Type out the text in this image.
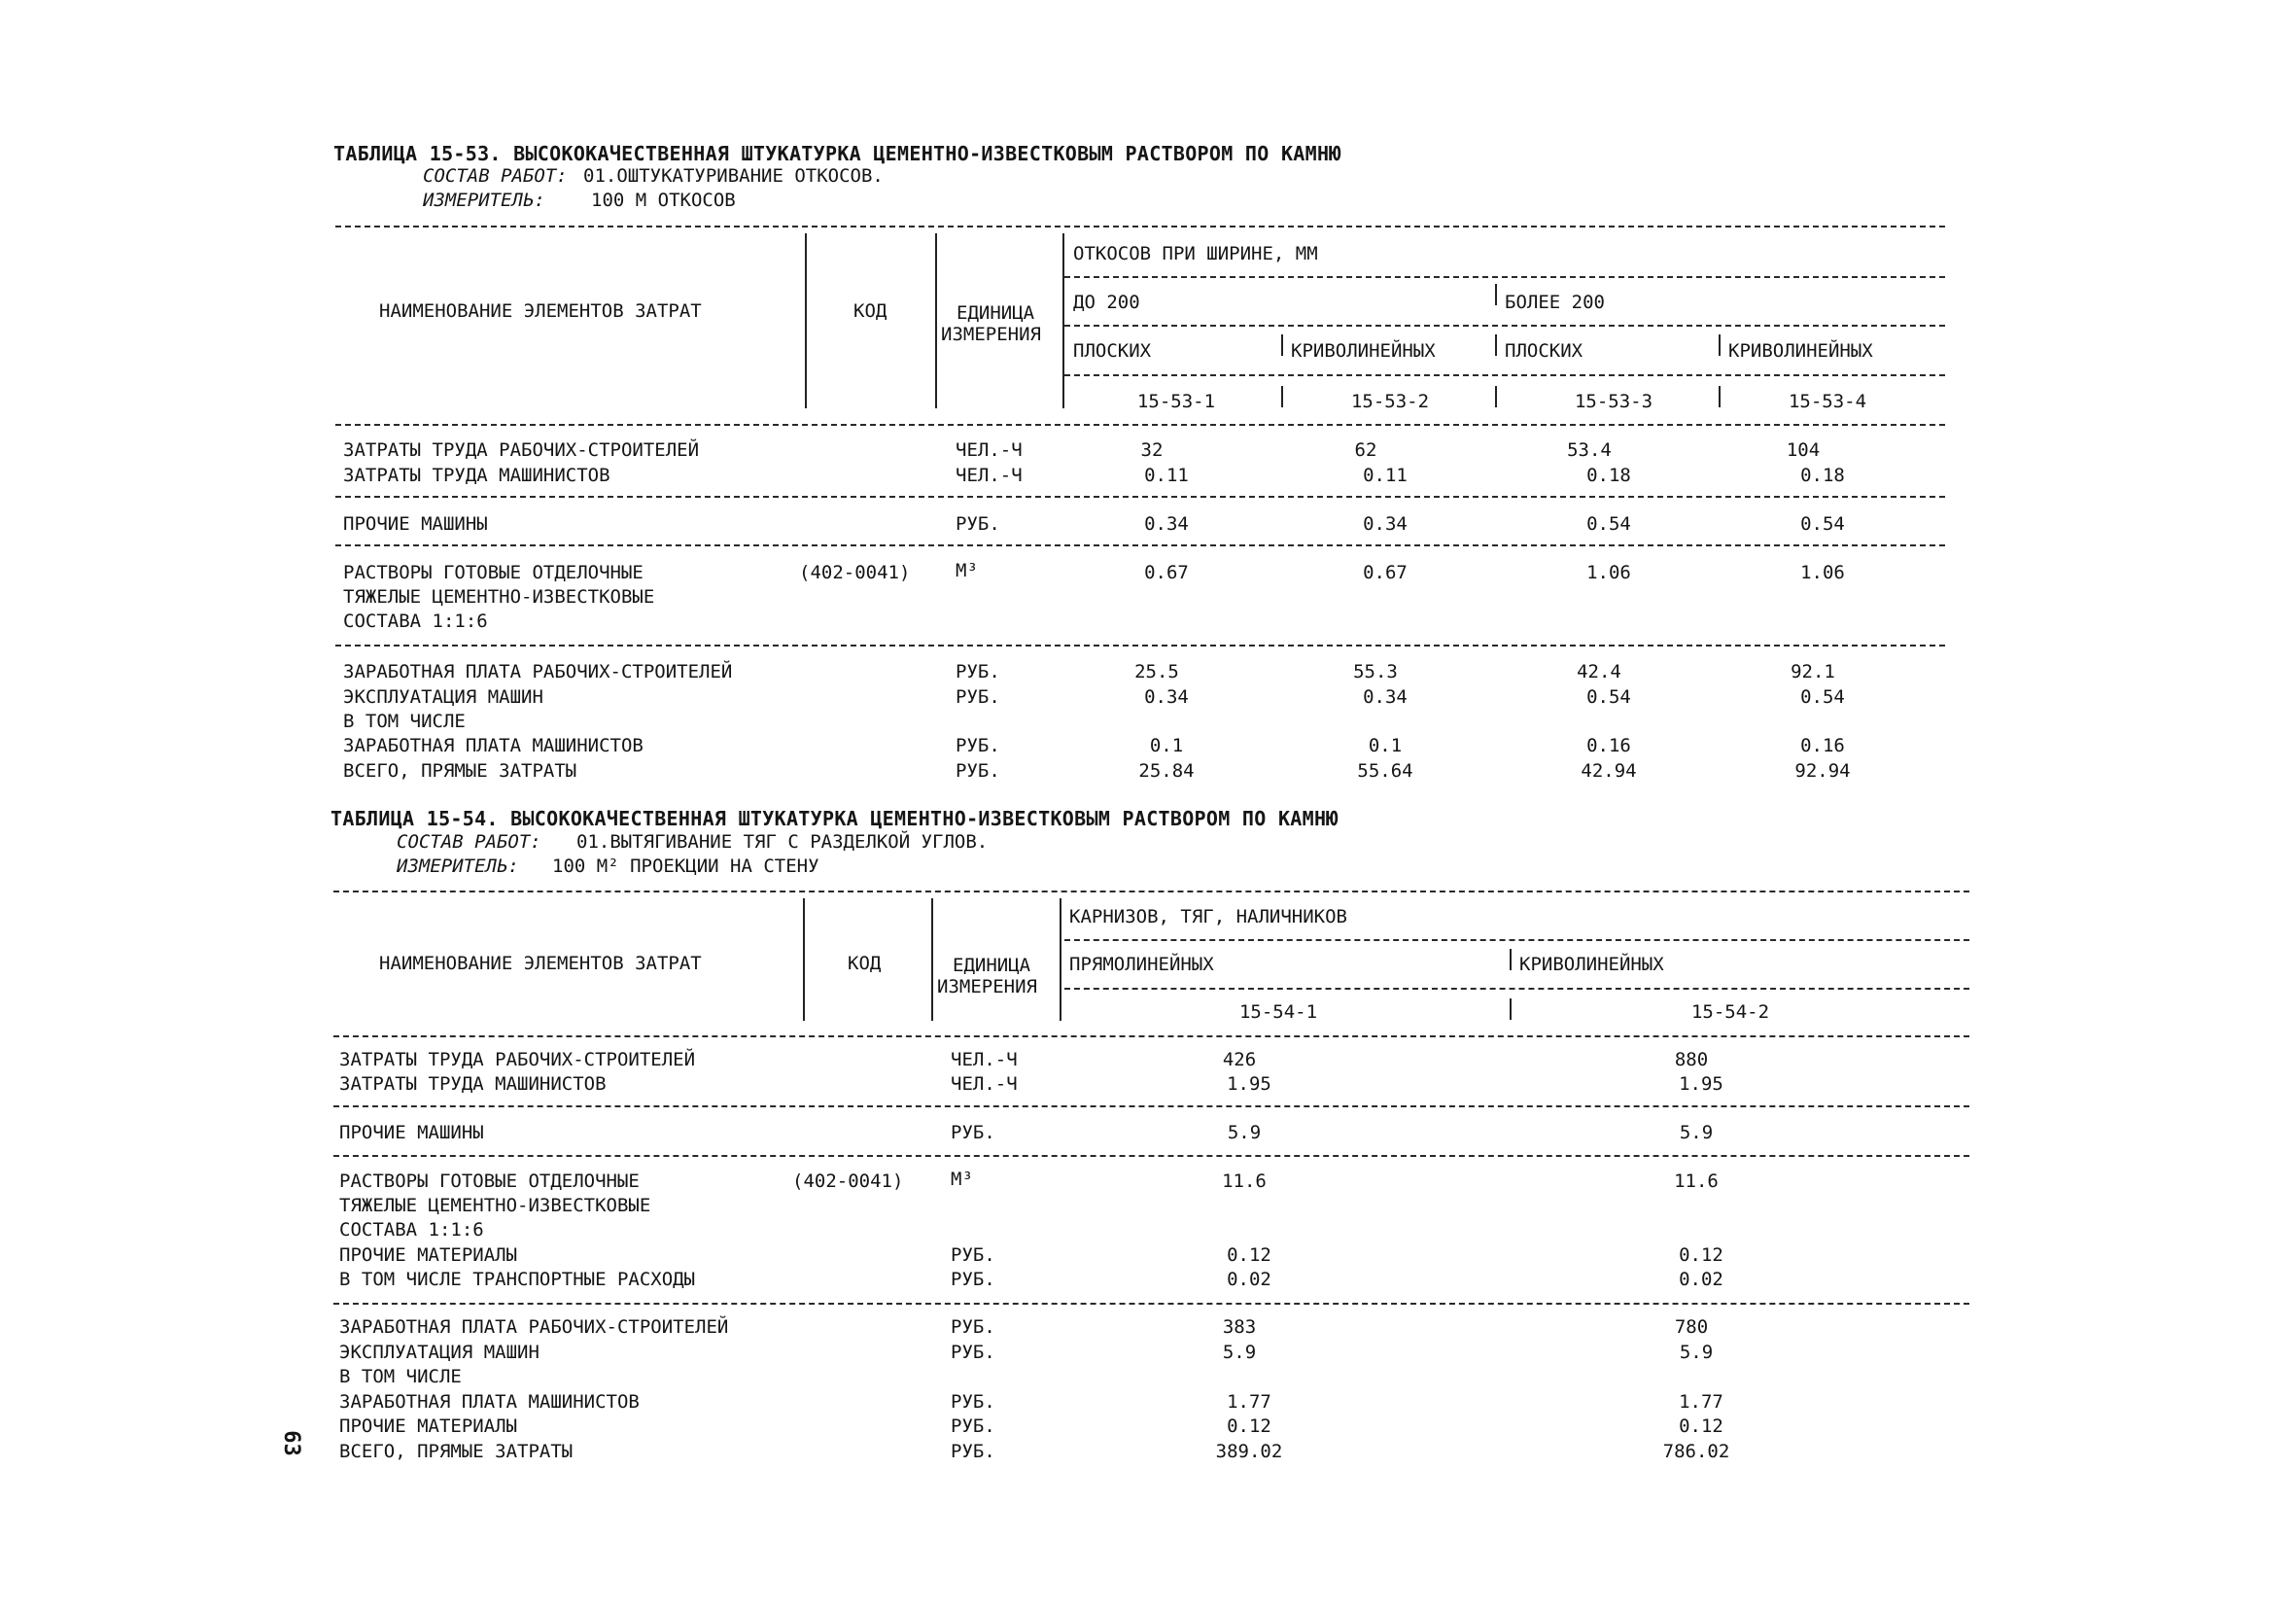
ТАБЛИЦА 15-53. ВЫСОКОКАЧЕСТВЕННАЯ ШТУКАТУРКА ЦЕМЕНТНО-ИЗВЕСТКОВЫМ РАСТВОРОМ ПО КАМНЮ
СОСТАВ РАБОТ: 01.ОШТУКАТУРИВАНИЕ ОТКОСОВ.
ИЗМЕРИТЕЛЬ: 100 М ОТКОСОВ
НАИМЕНОВАНИЕ ЭЛЕМЕНТОВ ЗАТРАТ	КОД	ЕДИНИЦА
ИЗМЕРЕНИЯ
ОТКОСОВ ПРИ ШИРИНЕ, ММ
ДО 200	БОЛЕЕ 200
ПЛОСКИХ	КРИВОЛИНЕЙНЫХ	ПЛОСКИХ	КРИВОЛИНЕЙНЫХ
15-53-1	15-53-2	15-53-3	15-53-4
ЗАТРАТЫ ТРУДА РАБОЧИХ-СТРОИТЕЛЕЙ	ЧЕЛ.-Ч	32	62	53.4	104
ЗАТРАТЫ ТРУДА МАШИНИСТОВ	ЧЕЛ.-Ч	0.11	0.11	0.18	0.18
ПРОЧИЕ МАШИНЫ	РУБ.	0.34	0.34	0.54	0.54
РАСТВОРЫ ГОТОВЫЕ ОТДЕЛОЧНЫЕ	(402-0041) М³	0.67	0.67	1.06	1.06
ТЯЖЕЛЫЕ ЦЕМЕНТНО-ИЗВЕСТКОВЫЕ
СОСТАВА 1:1:6
ЗАРАБОТНАЯ ПЛАТА РАБОЧИХ-СТРОИТЕЛЕЙ	РУБ.	25.5	55.3	42.4	92.1
ЭКСПЛУАТАЦИЯ МАШИН	РУБ.	0.34	0.34	0.54	0.54
В ТОМ ЧИСЛЕ
ЗАРАБОТНАЯ ПЛАТА МАШИНИСТОВ	РУБ.	0.1	0.1	0.16	0.16
ВСЕГО, ПРЯМЫЕ ЗАТРАТЫ	РУБ.	25.84	55.64	42.94	92.94
ТАБЛИЦА 15-54. ВЫСОКОКАЧЕСТВЕННАЯ ШТУКАТУРКА ЦЕМЕНТНО-ИЗВЕСТКОВЫМ РАСТВОРОМ ПО КАМНЮ
СОСТАВ РАБОТ: 01.ВЫТЯГИВАНИЕ ТЯГ С РАЗДЕЛКОЙ УГЛОВ.
ИЗМЕРИТЕЛЬ: 100 М² ПРОЕКЦИИ НА СТЕНУ
НАИМЕНОВАНИЕ ЭЛЕМЕНТОВ ЗАТРАТ	КОД	ЕДИНИЦА
ИЗМЕРЕНИЯ
КАРНИЗОВ, ТЯГ, НАЛИЧНИКОВ
ПРЯМОЛИНЕЙНЫХ	КРИВОЛИНЕЙНЫХ
15-54-1	15-54-2
ЗАТРАТЫ ТРУДА РАБОЧИХ-СТРОИТЕЛЕЙ	ЧЕЛ.-Ч	426	880
ЗАТРАТЫ ТРУДА МАШИНИСТОВ	ЧЕЛ.-Ч	1.95	1.95
ПРОЧИЕ МАШИНЫ	РУБ.	5.9	5.9
РАСТВОРЫ ГОТОВЫЕ ОТДЕЛОЧНЫЕ	(402-0041)	М³	11.6	11.6
ТЯЖЕЛЫЕ ЦЕМЕНТНО-ИЗВЕСТКОВЫЕ
СОСТАВА 1:1:6
ПРОЧИЕ МАТЕРИАЛЫ	РУБ.	0.12	0.12
В ТОМ ЧИСЛЕ ТРАНСПОРТНЫЕ РАСХОДЫ	РУБ.	0.02	0.02
ЗАРАБОТНАЯ ПЛАТА РАБОЧИХ-СТРОИТЕЛЕЙ	РУБ.	383	780
ЭКСПЛУАТАЦИЯ МАШИН	РУБ.	5.9	5.9
В ТОМ ЧИСЛЕ
ЗАРАБОТНАЯ ПЛАТА МАШИНИСТОВ	РУБ.	1.77	1.77
ПРОЧИЕ МАТЕРИАЛЫ	РУБ.	0.12	0.12
ВСЕГО, ПРЯМЫЕ ЗАТРАТЫ	РУБ.	389.02	786.02
63
